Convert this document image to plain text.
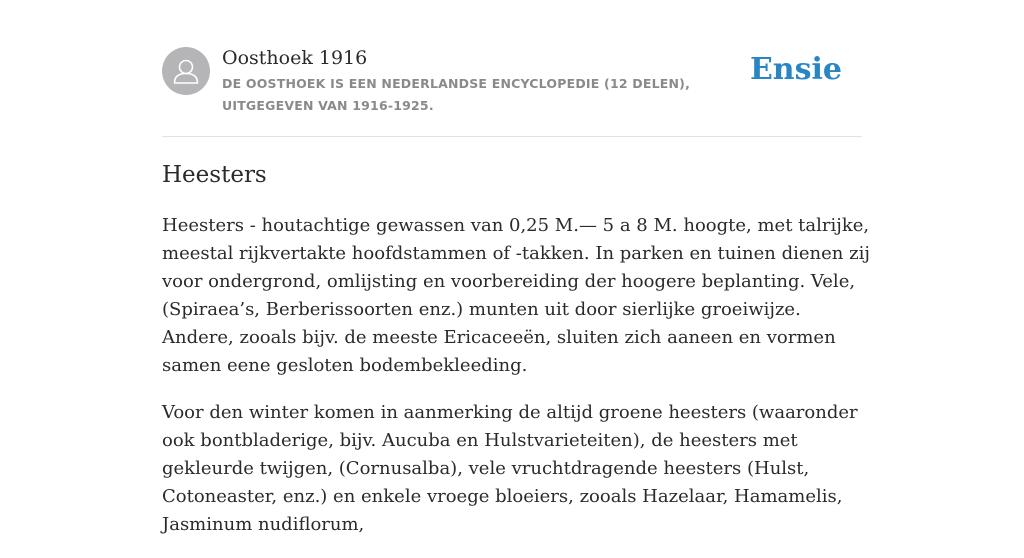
Oosthoek 1916
DE OOSTHOEK IS EEN NEDERLANDSE ENCYCLOPEDIE (12 DELEN), UITGEGEVEN VAN 1916-1925.
Ensie
Heesters

Heesters - houtachtige gewassen van 0,25 M.— 5 a 8 M. hoogte, met talrijke, meestal rijkvertakte hoofdstammen of -takken. In parken en tuinen dienen zij voor ondergrond, omlijsting en voorbereiding der hoogere beplanting. Vele, (Spiraea’s, Berberissoorten enz.) munten uit door sierlijke groeiwijze. Andere, zooals bijv. de meeste Ericaceeën, sluiten zich aaneen en vormen samen eene gesloten bodembekleeding.

Voor den winter komen in aanmerking de altijd groene heesters (waaronder ook bontbladerige, bijv. Aucuba en Hulstvarieteiten), de heesters met gekleurde twijgen, (Cornusalba), vele vruchtdragende heesters (Hulst, Cotoneaster, enz.) en enkele vroege bloeiers, zooals Hazelaar, Hamamelis, Jasminum nudiflorum,
